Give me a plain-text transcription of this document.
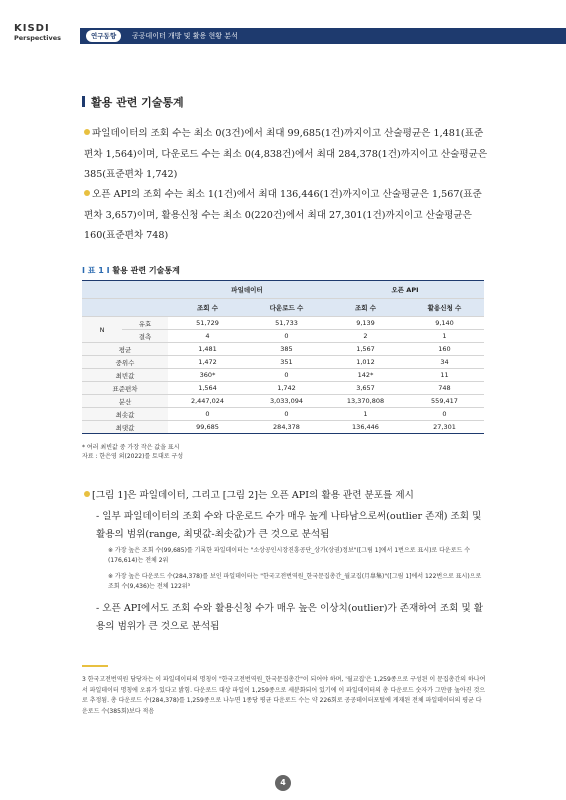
KISDI
Perspectives	연구동향	공공데이터 개방 및 활용 현황 분석
활용 관련 기술통계
파일데이터의 조회 수는 최소 0(3건)에서 최대 99,685(1건)까지이고 산술평균은 1,481(표준편차 1,564)이며, 다운로드 수는 최소 0(4,838건)에서 최대 284,378(1건)까지이고 산술평균은 385(표준편차 1,742)
오픈 API의 조회 수는 최소 1(1건)에서 최대 136,446(1건)까지이고 산술평균은 1,567(표준편차 3,657)이며, 활용신청 수는 최소 0(220건)에서 최대 27,301(1건)까지이고 산술평균은 160(표준편차 748)
I 표 1 I 활용 관련 기술통계
		파일데이터		오픈 API	
		조회 수	다운로드 수	조회 수	활용신청 수
N	유효	51,729	51,733	9,139	9,140
	결측	4	0	2	1
평균		1,481	385	1,567	160
중위수		1,472	351	1,012	34
최빈값		360*	0	142*	11
표준편차		1,564	1,742	3,657	748
분산		2,447,024	3,033,094	13,370,808	559,417
최솟값		0	0	1	0
최댓값		99,685	284,378	136,446	27,301
* 여러 최빈값 중 가장 작은 값을 표시
자료 : 한은영 외(2022)를 토대로 구성
[그림 1]은 파일데이터, 그리고 [그림 2]는 오픈 API의 활용 관련 분포를 제시
- 일부 파일데이터의 조회 수와 다운로드 수가 매우 높게 나타남으로써(outlier 존재) 조회 및 활용의 범위(range, 최댓값-최솟값)가 큰 것으로 분석됨
※ 가장 높은 조회 수(99,685)를 기록한 파일데이터는 "소상공인시장진흥공단_상가(상권)정보"([그림 1]에서 1번으로 표시)로 다운로드 수(176,614)는 전체 2위
※ 가장 높은 다운로드 수(284,378)를 보인 파일데이터는 "한국고전번역원_한국문집총간_월교집(月皐集)"([그림 1]에서 122번으로 표시)으로 조회 수(9,436)는 전체 122위³
- 오픈 API에서도 조회 수와 활용신청 수가 매우 높은 이상치(outlier)가 존재하여 조회 및 활용의 범위가 큰 것으로 분석됨
3 한국고전번역원 담당자는 이 파일데이터의 명칭이 "한국고전번역원_한국문집총간"이 되어야 하며, '월교집'은 1,259종으로 구성된 이 문집총간의 하나여서 파일데이터 명칭에 오류가 있다고 밝힘. 다운로드 대상 파일이 1,259종으로 세분화되어 있기에 이 파일데이터의 총 다운로드 숫자가 그만큼 높아진 것으로 추정됨. 총 다운로드 수(284,378)를 1,259종으로 나누면 1종당 평균 다운로드 수는 약 226회로 공공데이터포털에 게재된 전체 파일데이터의 평균 다운로드 수(385회)보다 적음
4
